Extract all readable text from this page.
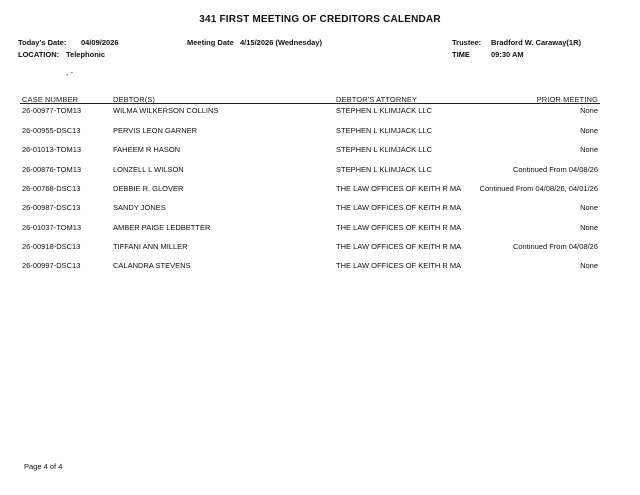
341 FIRST MEETING OF CREDITORS CALENDAR
Today's Date: 04/09/2026
LOCATION: Telephonic
Meeting Date 4/15/2026 (Wednesday)	Trustee: Bradford W. Caraway(1R)
TIME	09:30 AM
, -
CASE NUMBER	DEBTOR(S)	DEBTOR'S ATTORNEY	PRIOR MEETING
26-00977-TOM13	WILMA WILKERSON COLLINS	STEPHEN L KLIMJACK LLC	None
26-00955-DSC13	PERVIS LEON GARNER	STEPHEN L KLIMJACK LLC	None
26-01013-TOM13	FAHEEM R HASON	STEPHEN L KLIMJACK LLC	None
26-00876-TOM13	LONZELL L WILSON	STEPHEN L KLIMJACK LLC	Continued From 04/08/26
26-00768-DSC13	DEBBIE R. GLOVER	THE LAW OFFICES OF KEITH R MA	Continued From 04/08/26, 04/01/26
26-00987-DSC13	SANDY JONES	THE LAW OFFICES OF KEITH R MA	None
26-01037-TOM13	AMBER PAIGE LEDBETTER	THE LAW OFFICES OF KEITH R MA	None
26-00918-DSC13	TIFFANI ANN MILLER	THE LAW OFFICES OF KEITH R MA	Continued From 04/08/26
26-00997-DSC13	CALANDRA STEVENS	THE LAW OFFICES OF KEITH R MA	None
Page 4 of 4
